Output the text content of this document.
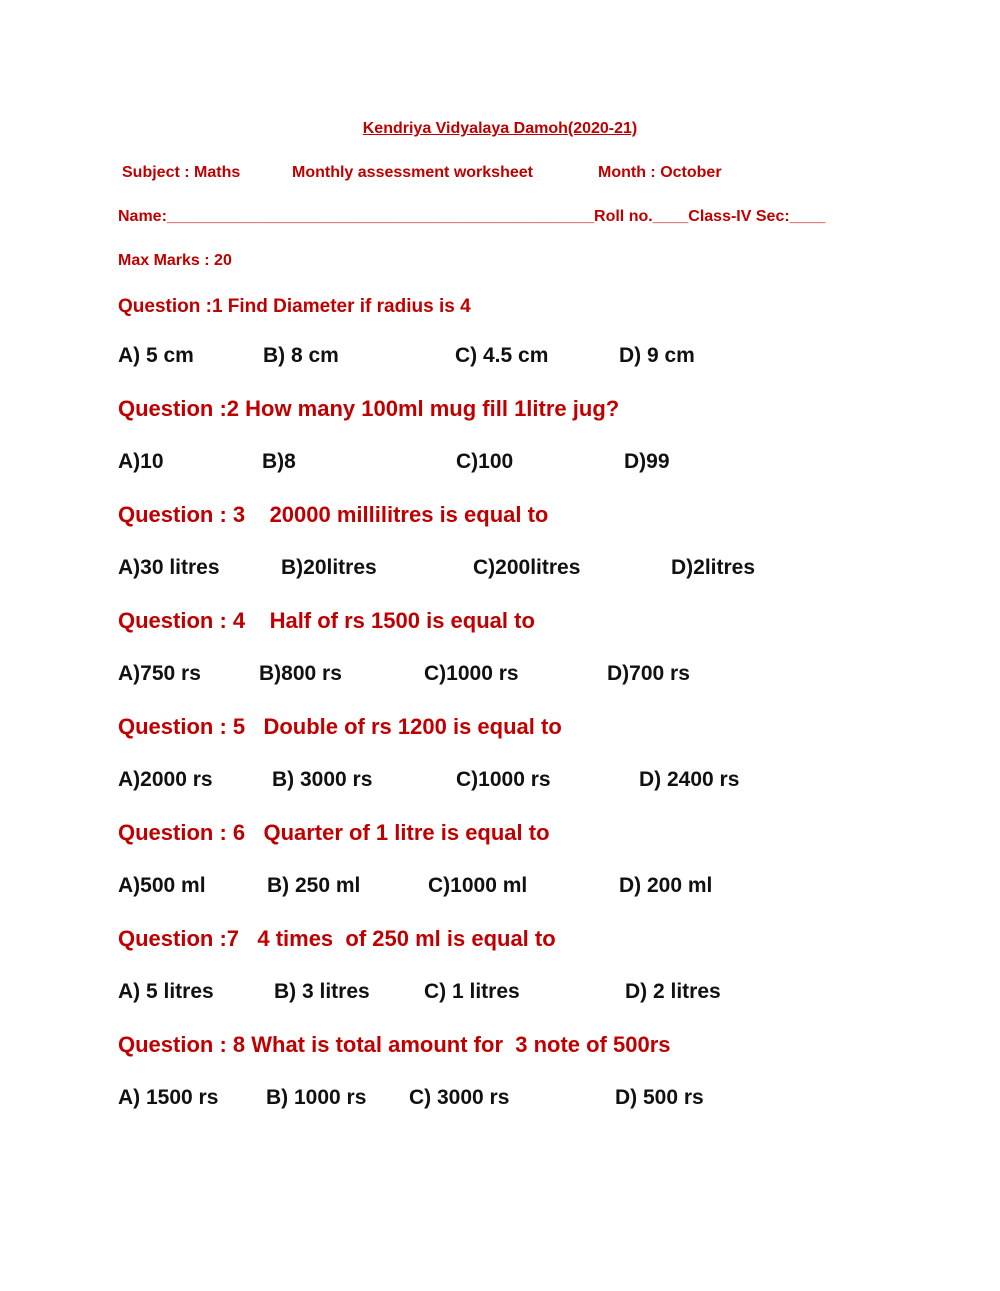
Kendriya Vidyalaya Damoh(2020-21)
Subject : Maths	Monthly assessment worksheet	Month : October
Name:________________________________________________Roll no.____Class-IV Sec:____
Max Marks : 20
Question :1 Find Diameter if radius is 4
A) 5 cm	B) 8 cm	C) 4.5 cm	D) 9 cm
Question :2 How many 100ml mug fill 1litre jug?
A)10	B)8	C)100	D)99
Question : 3    20000 millilitres is equal to
A)30 litres	B)20litres	C)200litres	D)2litres
Question : 4    Half of rs 1500 is equal to
A)750 rs	B)800 rs	C)1000 rs	D)700 rs
Question : 5   Double of rs 1200 is equal to
A)2000 rs	B) 3000 rs	C)1000 rs	D) 2400 rs
Question : 6   Quarter of 1 litre is equal to
A)500 ml	B) 250 ml	C)1000 ml	D) 200 ml
Question :7   4 times  of 250 ml is equal to
A) 5 litres	B) 3 litres	C) 1 litres	D) 2 litres
Question : 8 What is total amount for  3 note of 500rs
A) 1500 rs B) 1000 rs C) 3000 rs	D) 500 rs
